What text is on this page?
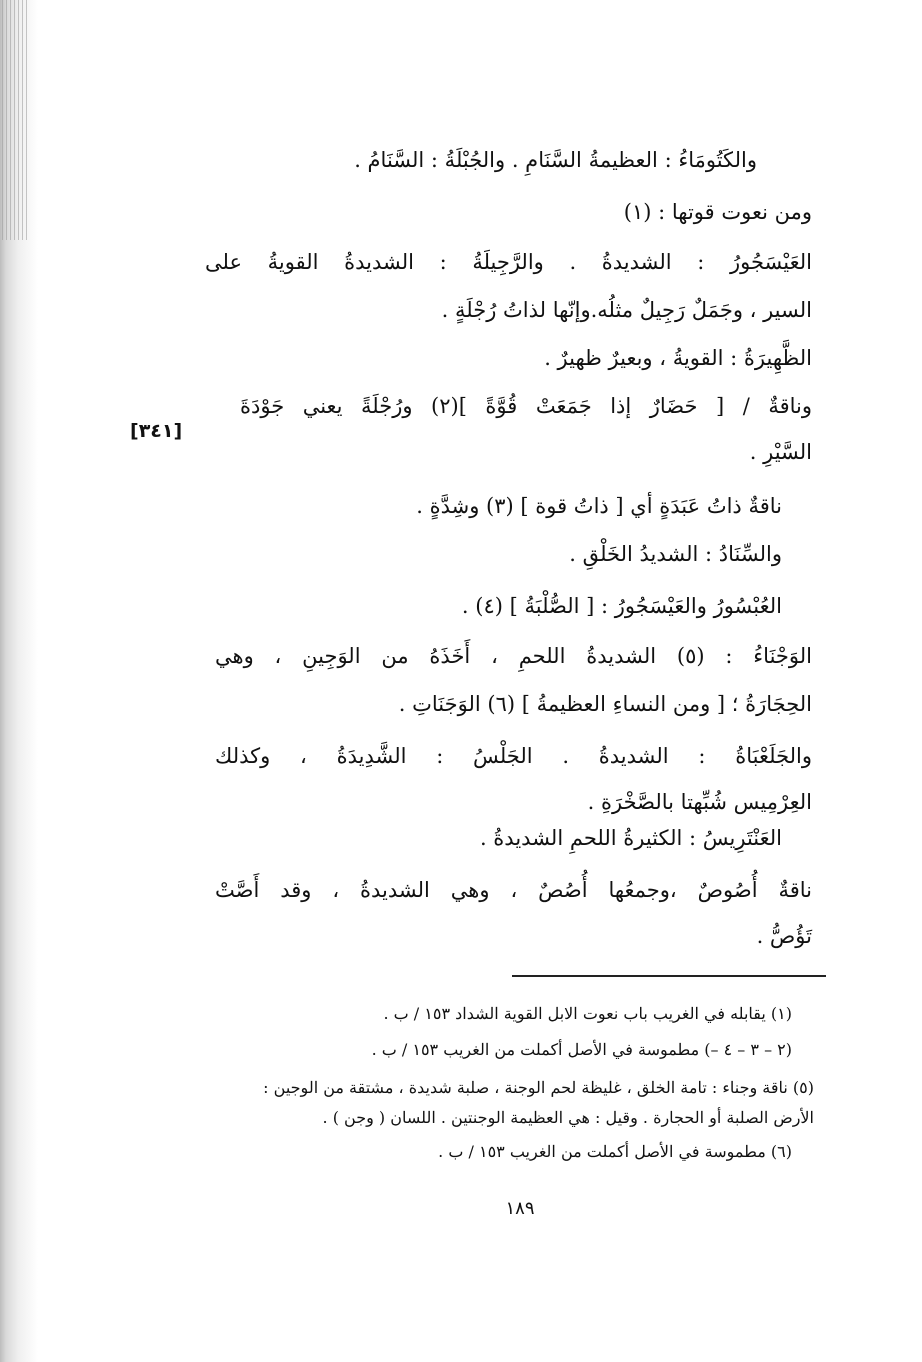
والكَتُومَاءُ : العظيمةُ السَّنَامِ . والجُبْلَةُ : السَّنَامُ .
ومن نعوت قوتها : (١)
العَيْسَجُورُ : الشديدةُ . والرَّجِيلَةُ : الشديدةُ القويةُ على
السير ، وجَمَلٌ رَجِيلٌ مثلُه.وإنّها لذاتُ رُجْلَةٍ .
الظَّهِيرَةُ : القويةُ ، وبعيرٌ ظهيرٌ .
وناقةٌ / [ حَضَارٌ إذا جَمَعَتْ قُوَّةً ](٢) ورُجْلَةً يعني جَوْدَةَ
السَّيْرِ .
ناقةٌ ذاتُ عَبَدَةٍ أي [ ذاتُ قوة ] (٣) وشِدَّةٍ .
والسِّنَادُ : الشديدُ الخَلْقِ .
العُبْسُورُ والعَيْسَجُورُ : [ الصُّلْبَةُ ] (٤) .
الوَجْنَاءُ : (٥) الشديدةُ اللحمِ ، أَخَذَهُ من الوَجِينِ ، وهي
الحِجَارَةُ ؛ [ ومن النساءِ العظيمةُ ] (٦) الوَجَنَاتِ .
والجَلَعْبَاةُ : الشديدةُ . الجَلْسُ : الشَّدِيدَةُ ، وكذلك
العِرْمِيس شُبِّهتا بالصَّخْرَةِ .
العَنْتَرِيسُ : الكثيرةُ اللحمِ الشديدةُ .
ناقةٌ أُصُوصٌ ،وجمعُها أُصُصٌ ، وهي الشديدةُ ، وقد أَصَّتْ
تَؤُصُّ .
[٣٤١]
(١) يقابله في الغريب باب نعوت الابل القوية الشداد ١٥٣ / ب .
(٢ – ٣ – ٤ –) مطموسة في الأصل أكملت من الغريب ١٥٣ / ب .
(٥) ناقة وجناء : تامة الخلق ، غليظة لحم الوجنة ، صلبة شديدة ، مشتقة من الوجين :
الأرض الصلبة أو الحجارة . وقيل : هي العظيمة الوجنتين . اللسان ( وجن ) .
(٦) مطموسة في الأصل أكملت من الغريب ١٥٣ / ب .
١٨٩
